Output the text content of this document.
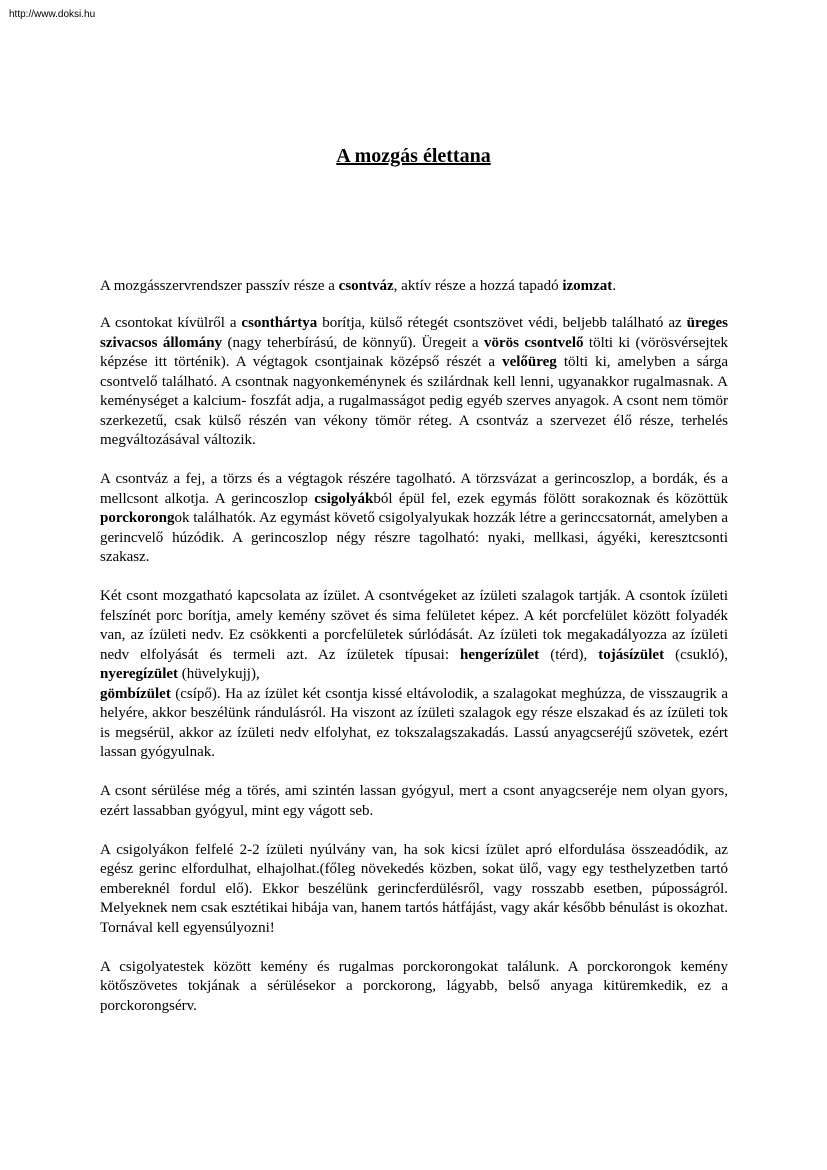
http://www.doksi.hu
A mozgás élettana

A mozgásszervrendszer passzív része a csontváz, aktív része a hozzá tapadó izomzat.

A csontokat kívülről a csonthártya borítja, külső rétegét csontszövet védi, beljebb található az üreges szivacsos állomány (nagy teherbírású, de könnyű). Üregeit a vörös csontvelő tölti ki (vörösvérsejtek képzése itt történik). A végtagok csontjainak középső részét a velőüreg tölti ki, amelyben a sárga csontvelő található. A csontnak nagyonkeménynek és szilárdnak kell lenni, ugyanakkor rugalmasnak. A keménységet a kalcium- foszfát adja, a rugalmasságot pedig egyéb szerves anyagok. A csont nem tömör szerkezetű, csak külső részén van vékony tömör réteg. A csontváz a szervezet élő része, terhelés megváltozásával változik.

A csontváz a fej, a törzs és a végtagok részére tagolható. A törzsvázat a gerincoszlop, a bordák, és a mellcsont alkotja. A gerincoszlop csigolyákból épül fel, ezek egymás fölött sorakoznak és közöttük porckorongok találhatók. Az egymást követő csigolyalyukak hozzák létre a gerinccsatornát, amelyben a gerincvelő húzódik. A gerincoszlop négy részre tagolható: nyaki, mellkasi, ágyéki, keresztcsonti szakasz.

Két csont mozgatható kapcsolata az ízület. A csontvégeket az ízületi szalagok tartják. A csontok ízületi felszínét porc borítja, amely kemény szövet és sima felületet képez. A két porcfelület között folyadék van, az ízületi nedv. Ez csökkenti a porcfelületek súrlódását. Az ízületi tok megakadályozza az ízületi nedv elfolyását és termeli azt. Az ízületek típusai: hengerízület (térd), tojásízület (csukló), nyeregízület (hüvelykujj),
gömbízület (csípő). Ha az ízület két csontja kissé eltávolodik, a szalagokat meghúzza, de visszaugrik a helyére, akkor beszélünk rándulásról. Ha viszont az ízületi szalagok egy része elszakad és az ízületi tok is megsérül, akkor az ízületi nedv elfolyhat, ez tokszalagszakadás. Lassú anyagcseréjű szövetek, ezért lassan gyógyulnak.

A csont sérülése még a törés, ami szintén lassan gyógyul, mert a csont anyagcseréje nem olyan gyors, ezért lassabban gyógyul, mint egy vágott seb.

A csigolyákon felfelé 2-2 ízületi nyúlvány van, ha sok kicsi ízület apró elfordulása összeadódik, az egész gerinc elfordulhat, elhajolhat.(főleg növekedés közben, sokat ülő, vagy egy testhelyzetben tartó embereknél fordul elő). Ekkor beszélünk gerincferdülésről, vagy rosszabb esetben, púposságról. Melyeknek nem csak esztétikai hibája van, hanem tartós hátfájást, vagy akár később bénulást is okozhat. Tornával kell egyensúlyozni!

A csigolyatestek között kemény és rugalmas porckorongokat találunk. A porckorongok kemény kötőszövetes tokjának a sérülésekor a porckorong, lágyabb, belső anyaga kitüremkedik, ez a porckorongsérv.
